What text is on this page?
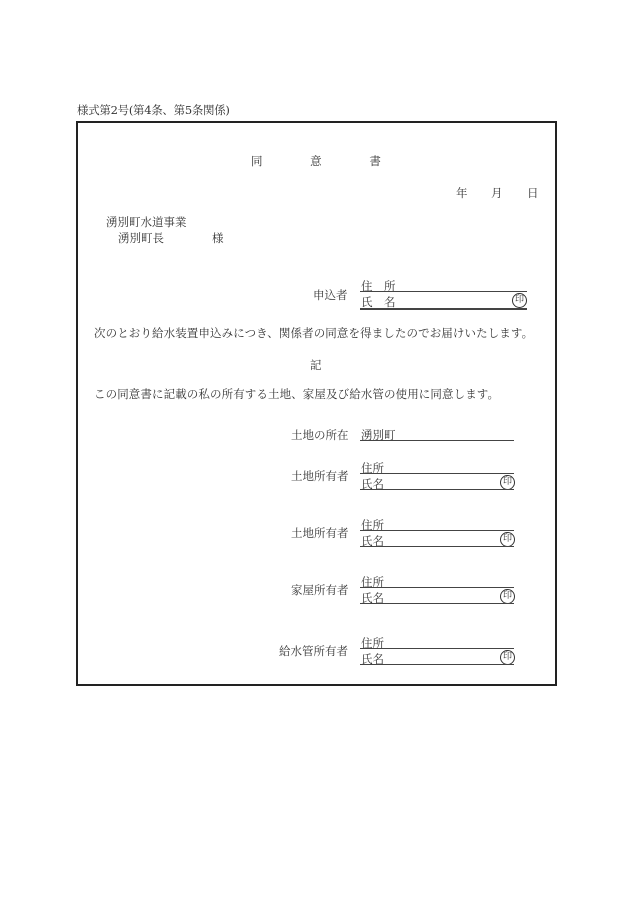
様式第2号(第4条、第5条関係)
同	意	書
年 月 日
湧別町水道事業
湧別町長	様
申込者
住　所
氏　名	印
次のとおり給水装置申込みにつき、関係者の同意を得ましたのでお届けいたします。
記
この同意書に記載の私の所有する土地、家屋及び給水管の使用に同意します。
土地の所在 湧別町
土地所有者
住所
氏名	印
土地所有者
住所
氏名	印
家屋所有者
住所
氏名	印
給水管所有者
住所
氏名	印
